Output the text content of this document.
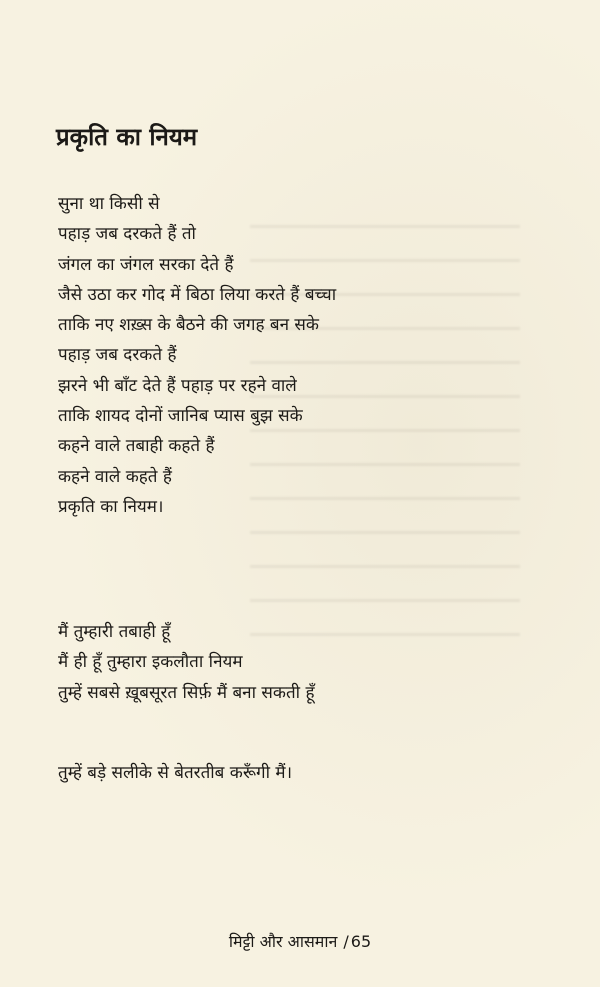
प्रकृति का नियम
सुना था किसी से
पहाड़ जब दरकते हैं तो
जंगल का जंगल सरका देते हैं
जैसे उठा कर गोद में बिठा लिया करते हैं बच्चा
ताकि नए शख़्स के बैठने की जगह बन सके
पहाड़ जब दरकते हैं
झरने भी बाँट देते हैं पहाड़ पर रहने वाले
ताकि शायद दोनों जानिब प्यास बुझ सके
कहने वाले तबाही कहते हैं
कहने वाले कहते हैं
प्रकृति का नियम।
मैं तुम्हारी तबाही हूँ
मैं ही हूँ तुम्हारा इकलौता नियम
तुम्हें सबसे ख़ूबसूरत सिर्फ़ मैं बना सकती हूँ
तुम्हें बड़े सलीके से बेतरतीब करूँगी मैं।
मिट्टी और आसमान / 65
